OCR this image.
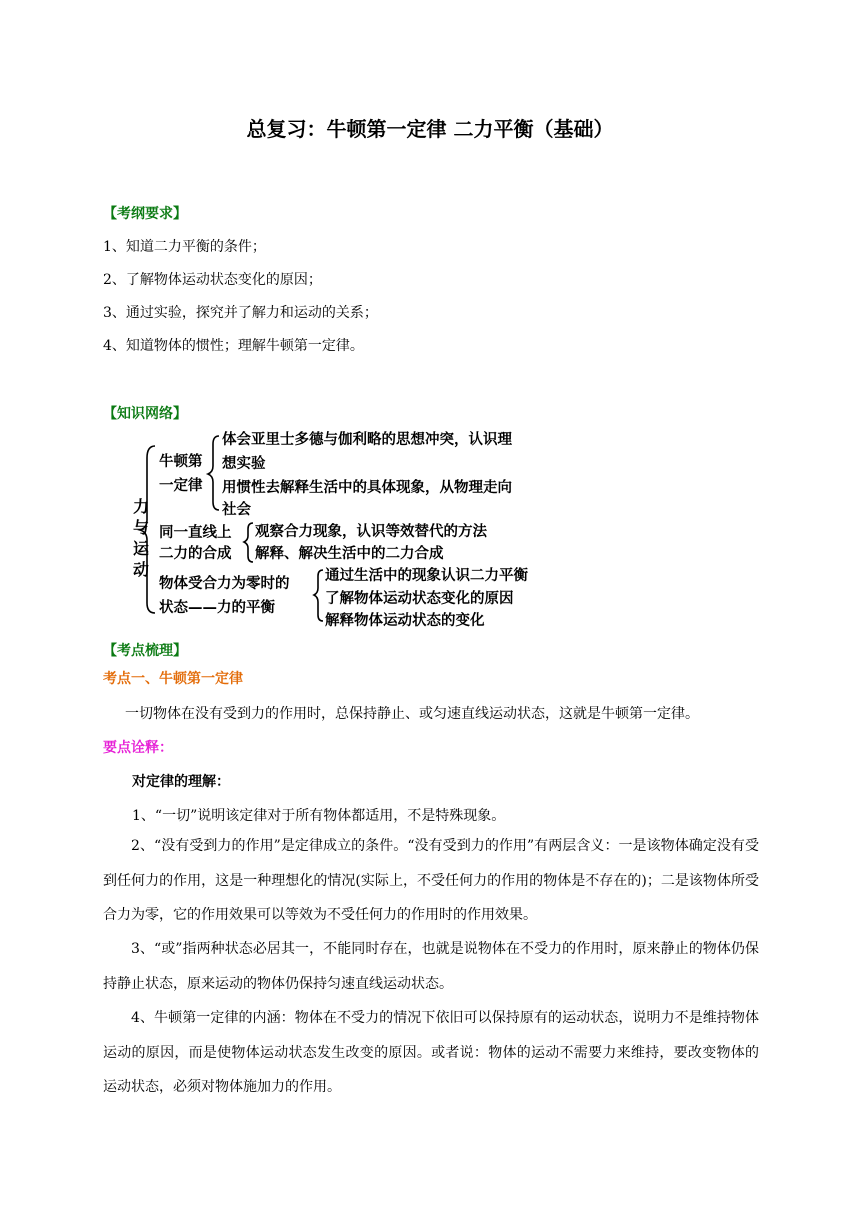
总复习：牛顿第一定律 二力平衡（基础）
【考纲要求】
1、知道二力平衡的条件；
2、了解物体运动状态变化的原因；
3、通过实验，探究并了解力和运动的关系；
4、知道物体的惯性；理解牛顿第一定律。
【知识网络】
力与运动
牛顿第
一定律
体会亚里士多德与伽利略的思想冲突，认识理
想实验
用惯性去解释生活中的具体现象，从物理走向
社会
同一直线上
二力的合成
观察合力现象，认识等效替代的方法
解释、解决生活中的二力合成
物体受合力为零时的
状态——力的平衡
通过生活中的现象认识二力平衡
了解物体运动状态变化的原因
解释物体运动状态的变化
【考点梳理】
考点一、牛顿第一定律
一切物体在没有受到力的作用时，总保持静止、或匀速直线运动状态，这就是牛顿第一定律。
要点诠释：
对定律的理解：
1、“一切”说明该定律对于所有物体都适用，不是特殊现象。
2、“没有受到力的作用”是定律成立的条件。“没有受到力的作用”有两层含义：一是该物体确定没有受到任何力的作用，这是一种理想化的情况(实际上，不受任何力的作用的物体是不存在的)；二是该物体所受合力为零，它的作用效果可以等效为不受任何力的作用时的作用效果。
3、“或”指两种状态必居其一，不能同时存在，也就是说物体在不受力的作用时，原来静止的物体仍保持静止状态，原来运动的物体仍保持匀速直线运动状态。
4、牛顿第一定律的内涵：物体在不受力的情况下依旧可以保持原有的运动状态，说明力不是维持物体运动的原因，而是使物体运动状态发生改变的原因。或者说：物体的运动不需要力来维持，要改变物体的运动状态，必须对物体施加力的作用。
